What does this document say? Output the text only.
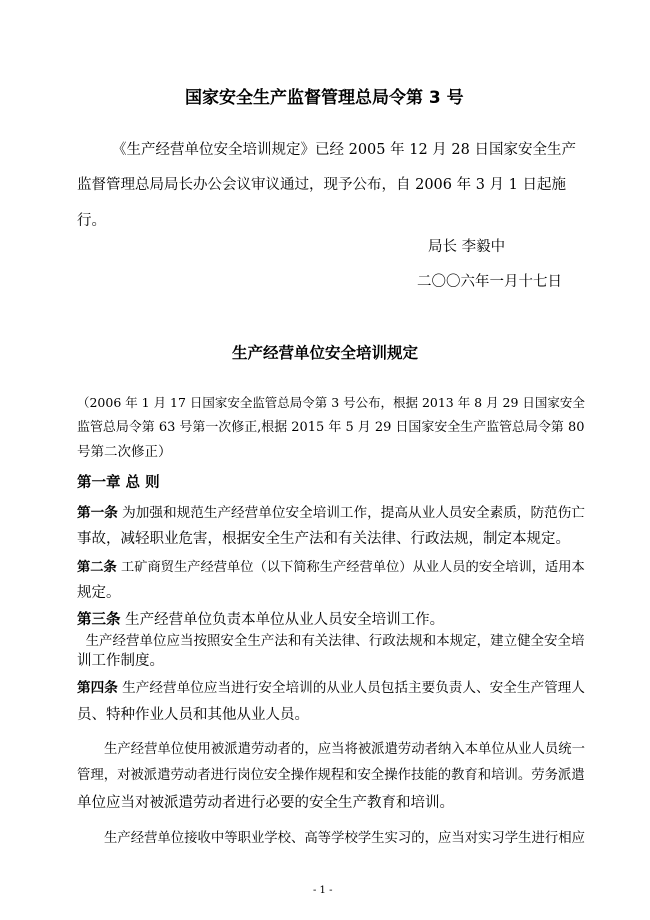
国家安全生产监督管理总局令第 3 号
《生产经营单位安全培训规定》已经 2005 年 12 月 28 日国家安全生产
监督管理总局局长办公会议审议通过，现予公布，自 2006 年 3 月 1 日起施
行。
局长 李毅中
二〇〇六年一月十七日
生产经营单位安全培训规定
（2006 年 1 月 17 日国家安全监管总局令第 3 号公布，根据 2013 年 8 月 29 日国家安全
监管总局令第 63 号第一次修正,根据 2015 年 5 月 29 日国家安全生产监管总局令第 80
号第二次修正）
第一章 总 则
第一条 为加强和规范生产经营单位安全培训工作，提高从业人员安全素质，防范伤亡
事故，减轻职业危害，根据安全生产法和有关法律、行政法规，制定本规定。
第二条 工矿商贸生产经营单位（以下简称生产经营单位）从业人员的安全培训，适用本
规定。
第三条 生产经营单位负责本单位从业人员安全培训工作。
生产经营单位应当按照安全生产法和有关法律、行政法规和本规定，建立健全安全培
训工作制度。
第四条 生产经营单位应当进行安全培训的从业人员包括主要负责人、安全生产管理人
员、特种作业人员和其他从业人员。
生产经营单位使用被派遣劳动者的，应当将被派遣劳动者纳入本单位从业人员统一
管理，对被派遣劳动者进行岗位安全操作规程和安全操作技能的教育和培训。劳务派遣
单位应当对被派遣劳动者进行必要的安全生产教育和培训。
生产经营单位接收中等职业学校、高等学校学生实习的，应当对实习学生进行相应
- 1 -
